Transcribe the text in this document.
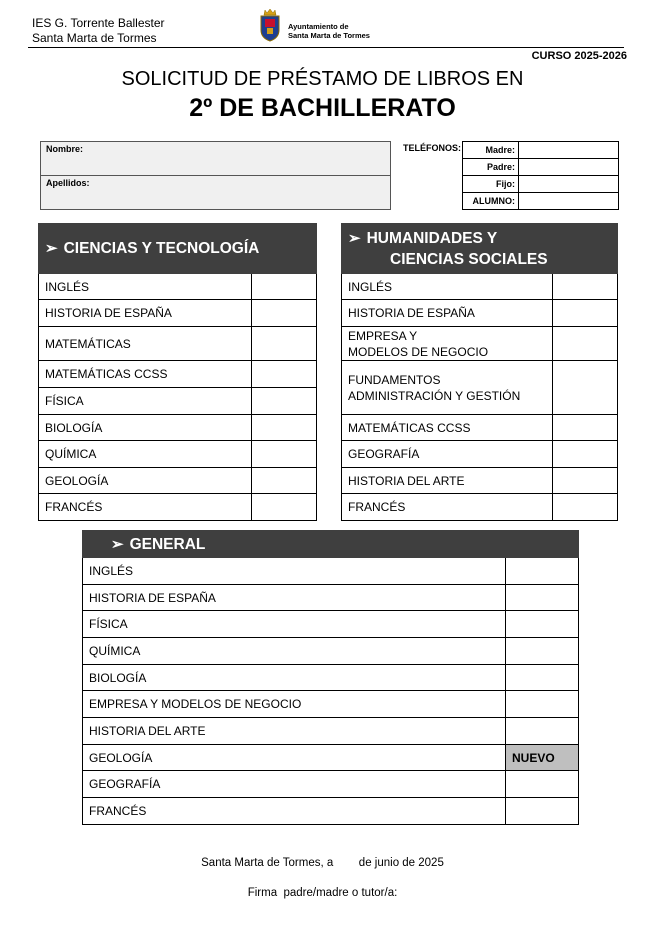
IES G. Torrente Ballester
Santa Marta de Tormes
Ayuntamiento de
Santa Marta de Tormes
CURSO 2025-2026
SOLICITUD DE PRÉSTAMO DE LIBROS EN
2º DE BACHILLERATO
Nombre:
Apellidos:
TELÉFONOS:	Madre:	
Padre:	
Fijo:	
ALUMNO:	
➢ CIENCIAS Y TECNOLOGÍA	
INGLÉS	
HISTORIA DE ESPAÑA	
MATEMÁTICAS	
MATEMÁTICAS CCSS	
FÍSICA	
BIOLOGÍA	
QUÍMICA	
GEOLOGÍA	
FRANCÉS	
➢ HUMANIDADES Y
CIENCIAS SOCIALES	

INGLÉS	
HISTORIA DE ESPAÑA	

EMPRESA Y
MODELOS DE NEGOCIO	

FUNDAMENTOS
ADMINISTRACIÓN Y GESTIÓN	

MATEMÁTICAS CCSS	
GEOGRAFÍA	
HISTORIA DEL ARTE	
FRANCÉS	
➢ GENERAL	
INGLÉS	
HISTORIA DE ESPAÑA	
FÍSICA	
QUÍMICA	
BIOLOGÍA	
EMPRESA Y MODELOS DE NEGOCIO	
HISTORIA DEL ARTE	
GEOLOGÍA	NUEVO
GEOGRAFÍA	
FRANCÉS	
Santa Marta de Tormes, a        de junio de 2025
Firma  padre/madre o tutor/a:
